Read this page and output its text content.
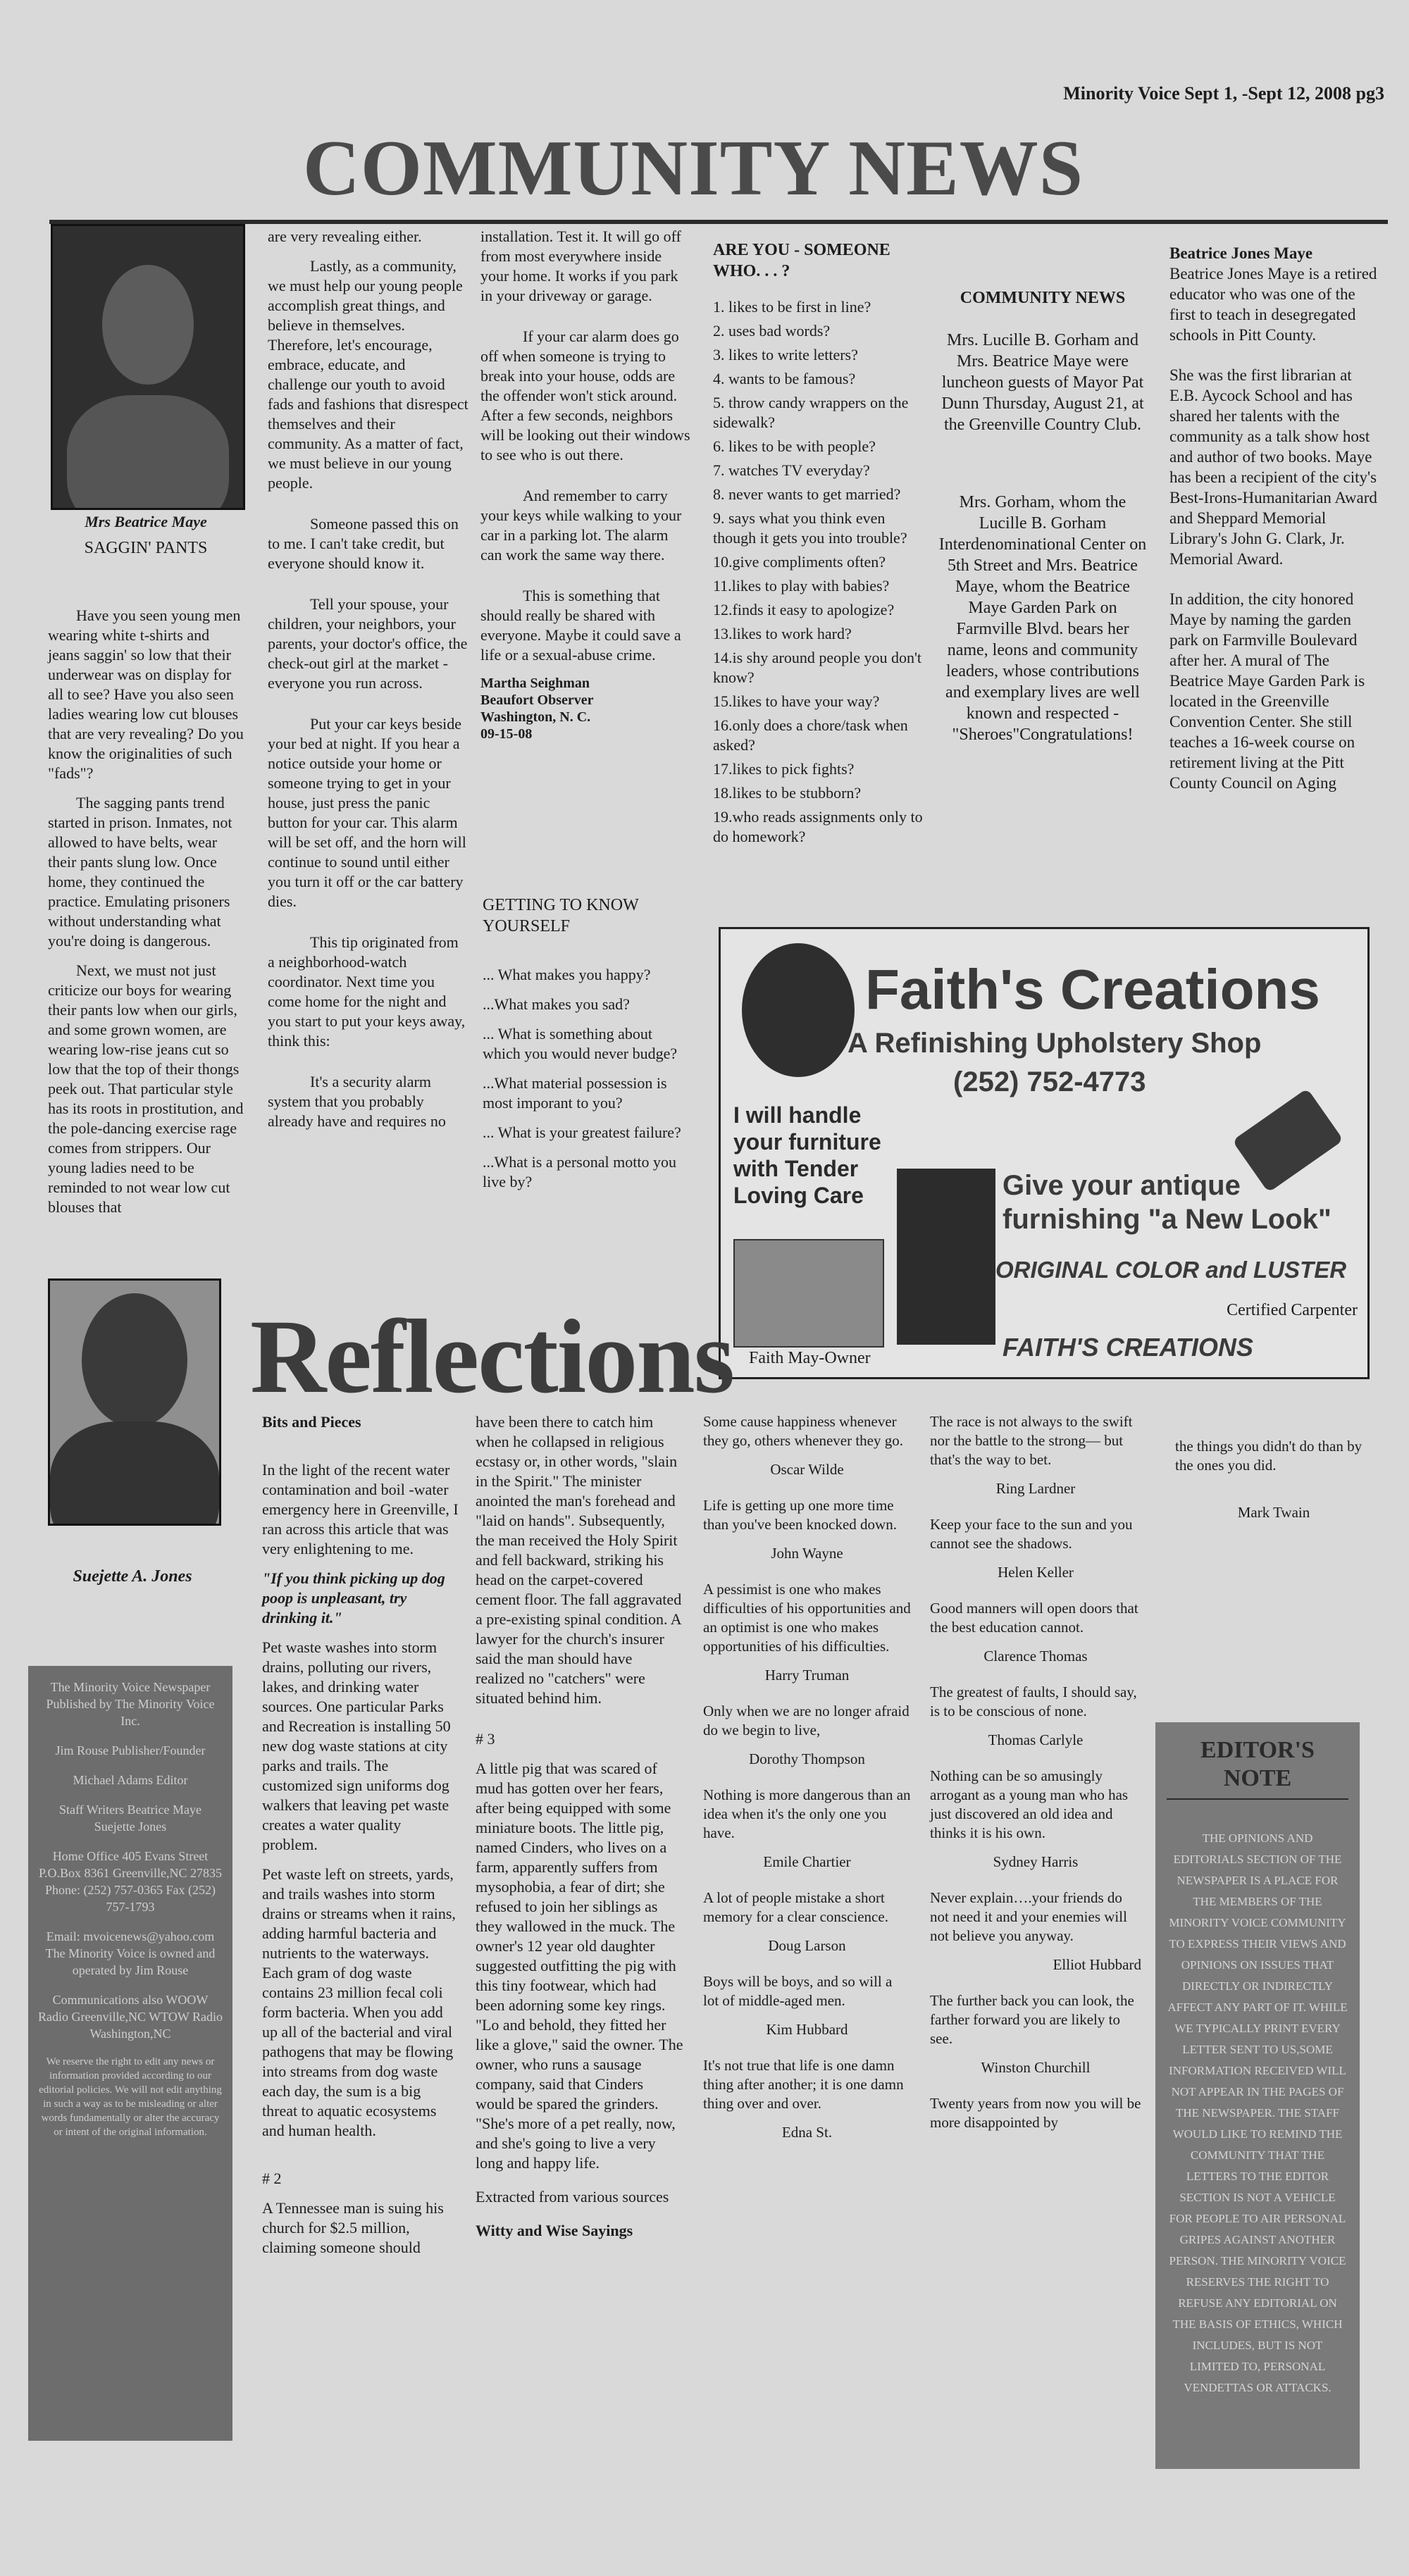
Minority Voice Sept 1, -Sept 12, 2008 pg3
COMMUNITY NEWS
Mrs Beatrice Maye
SAGGIN' PANTS

Have you seen young men wearing white t-shirts and jeans saggin' so low that their underwear was on display for all to see? Have you also seen ladies wearing low cut blouses that are very revealing? Do you know the originalities of such "fads"?

The sagging pants trend started in prison. Inmates, not allowed to have belts, wear their pants slung low. Once home, they continued the practice. Emulating prisoners without understanding what you're doing is dangerous.

Next, we must not just criticize our boys for wearing their pants low when our girls, and some grown women, are wearing low-rise jeans cut so low that the top of their thongs peek out. That particular style has its roots in prostitution, and the pole-dancing exercise rage comes from strippers. Our young ladies need to be reminded to not wear low cut blouses that

are very revealing either.

Lastly, as a community, we must help our young people accomplish great things, and believe in themselves. Therefore, let's encourage, embrace, educate, and challenge our youth to avoid fads and fashions that disrespect themselves and their community. As a matter of fact, we must believe in our young people.

Someone passed this on to me. I can't take credit, but everyone should know it.

Tell your spouse, your children, your neighbors, your parents, your doctor's office, the check-out girl at the market - everyone you run across.

Put your car keys beside your bed at night. If you hear a notice outside your home or someone trying to get in your house, just press the panic button for your car. This alarm will be set off, and the horn will continue to sound until either you turn it off or the car battery dies.

This tip originated from a neighborhood-watch coordinator. Next time you come home for the night and you start to put your keys away, think this:

It's a security alarm system that you probably already have and requires no

installation. Test it. It will go off from most everywhere inside your home. It works if you park in your driveway or garage.

If your car alarm does go off when someone is trying to break into your house, odds are the offender won't stick around. After a few seconds, neighbors will be looking out their windows to see who is out there.

And remember to carry your keys while walking to your car in a parking lot. The alarm can work the same way there.

This is something that should really be shared with everyone. Maybe it could save a life or a sexual-abuse crime.

Martha Seighman
Beaufort Observer
Washington, N. C.
09-15-08
ARE YOU - SOMEONE WHO. . . ?
1. likes to be first in line?
2. uses bad words?
3. likes to write letters?
4. wants to be famous?
5. throw candy wrappers on the sidewalk?
6. likes to be with people?
7. watches TV everyday?
8. never wants to get married?
9. says what you think even though it gets you into trouble?
10.give compliments often?
11.likes to play with babies?
12.finds it easy to apologize?
13.likes to work hard?
14.is shy around people you don't know?
15.likes to have your way?
16.only does a chore/task when asked?
17.likes to pick fights?
18.likes to be stubborn?
19.who reads assignments only to do homework?
GETTING TO KNOW YOURSELF

... What makes you happy?

...What makes you sad?

... What is something about which you would never budge?

...What material possession is most imporant to you?

... What is your greatest failure?

...What is a personal motto you live by?

COMMUNITY NEWS

Mrs. Lucille B. Gorham and Mrs. Beatrice Maye were luncheon guests of Mayor Pat Dunn Thursday, August 21, at the Greenville Country Club.

Mrs. Gorham, whom the Lucille B. Gorham Interdenominational Center on 5th Street and Mrs. Beatrice Maye, whom the Beatrice Maye Garden Park on Farmville Blvd. bears her name, leons and community leaders, whose contributions and exemplary lives are well known and respected - "Sheroes"Congratulations!

Beatrice Jones Maye

Beatrice Jones Maye is a retired educator who was one of the first to teach in desegregated schools in Pitt County.

She was the first librarian at E.B. Aycock School and has shared her talents with the community as a talk show host and author of two books. Maye has been a recipient of the city's Best-Irons-Humanitarian Award and Sheppard Memorial Library's John G. Clark, Jr. Memorial Award.

In addition, the city honored Maye by naming the garden park on Farmville Boulevard after her. A mural of The Beatrice Maye Garden Park is located in the Greenville Convention Center. She still teaches a 16-week course on retirement living at the Pitt County Council on Aging

Faith's Creations
A Refinishing Upholstery Shop
(252) 752-4773
I will handle your furniture with Tender Loving Care	Give your antique furnishing "a New Look"
ORIGINAL COLOR and LUSTER
Certified Carpenter
FAITH'S CREATIONS
Faith May-Owner
Suejette A. Jones
Reflections

The Minority Voice Newspaper Published by The Minority Voice Inc.

Jim Rouse Publisher/Founder

Michael Adams Editor

Staff Writers Beatrice Maye Suejette Jones

Home Office 405 Evans Street P.O.Box 8361 Greenville,NC 27835 Phone: (252) 757-0365 Fax (252) 757-1793

Email: mvoicenews@yahoo.com The Minority Voice is owned and operated by Jim Rouse

Communications also WOOW Radio Greenville,NC WTOW Radio Washington,NC

We reserve the right to edit any news or information provided according to our editorial policies. We will not edit anything in such a way as to be misleading or alter words fundamentally or alter the accuracy or intent of the original information.

Bits and Pieces

In the light of the recent water contamination and boil -water emergency here in Greenville, I ran across this article that was very enlightening to me.

"If you think picking up dog poop is unpleasant, try drinking it."

Pet waste washes into storm drains, polluting our rivers, lakes, and drinking water sources. One particular Parks and Recreation is installing 50 new dog waste stations at city parks and trails. The customized sign uniforms dog walkers that leaving pet waste creates a water quality problem.

Pet waste left on streets, yards, and trails washes into storm drains or streams when it rains, adding harmful bacteria and nutrients to the waterways. Each gram of dog waste contains 23 million fecal coli form bacteria. When you add up all of the bacterial and viral pathogens that may be flowing into streams from dog waste each day, the sum is a big threat to aquatic ecosystems and human health.

# 2

A Tennessee man is suing his church for $2.5 million, claiming someone should

have been there to catch him when he collapsed in religious ecstasy or, in other words, "slain in the Spirit." The minister anointed the man's forehead and "laid on hands". Subsequently, the man received the Holy Spirit and fell backward, striking his head on the carpet-covered cement floor. The fall aggravated a pre-existing spinal condition. A lawyer for the church's insurer said the man should have realized no "catchers" were situated behind him.

# 3

A little pig that was scared of mud has gotten over her fears, after being equipped with some miniature boots. The little pig, named Cinders, who lives on a farm, apparently suffers from mysophobia, a fear of dirt; she refused to join her siblings as they wallowed in the muck. The owner's 12 year old daughter suggested outfitting the pig with this tiny footwear, which had been adorning some key rings. "Lo and behold, they fitted her like a glove," said the owner. The owner, who runs a sausage company, said that Cinders would be spared the grinders. "She's more of a pet really, now, and she's going to live a very long and happy life.

Extracted from various sources

Witty and Wise Sayings

Some cause happiness whenever they go, others whenever they go.

Oscar Wilde

Life is getting up one more time than you've been knocked down.

John Wayne

A pessimist is one who makes difficulties of his opportunities and an optimist is one who makes opportunities of his difficulties.

Harry Truman

Only when we are no longer afraid do we begin to live,

Dorothy Thompson

Nothing is more dangerous than an idea when it's the only one you have.

Emile Chartier

A lot of people mistake a short memory for a clear conscience.

Doug Larson

Boys will be boys, and so will a lot of middle-aged men.

Kim Hubbard

It's not true that life is one damn thing after another; it is one damn thing over and over.

Edna St.

The race is not always to the swift nor the battle to the strong— but that's the way to bet.

Ring Lardner

Keep your face to the sun and you cannot see the shadows.

Helen Keller

Good manners will open doors that the best education cannot.

Clarence Thomas

The greatest of faults, I should say, is to be conscious of none.

Thomas Carlyle

Nothing can be so amusingly arrogant as a young man who has just discovered an old idea and thinks it is his own.

Sydney Harris

Never explain….your friends do not need it and your enemies will not believe you anyway.

Elliot Hubbard

The further back you can look, the farther forward you are likely to see.

Winston Churchill

Twenty years from now you will be more disappointed by

the things you didn't do than by the ones you did.

Mark Twain

EDITOR'S NOTE
THE OPINIONS AND EDITORIALS SECTION OF THE NEWSPAPER IS A PLACE FOR THE MEMBERS OF THE MINORITY VOICE COMMUNITY TO EXPRESS THEIR VIEWS AND OPINIONS ON ISSUES THAT DIRECTLY OR INDIRECTLY AFFECT ANY PART OF IT. WHILE WE TYPICALLY PRINT EVERY LETTER SENT TO US,SOME INFORMATION RECEIVED WILL NOT APPEAR IN THE PAGES OF THE NEWSPAPER. THE STAFF WOULD LIKE TO REMIND THE COMMUNITY THAT THE LETTERS TO THE EDITOR SECTION IS NOT A VEHICLE FOR PEOPLE TO AIR PERSONAL GRIPES AGAINST ANOTHER PERSON. THE MINORITY VOICE RESERVES THE RIGHT TO REFUSE ANY EDITORIAL ON THE BASIS OF ETHICS, WHICH INCLUDES, BUT IS NOT LIMITED TO, PERSONAL VENDETTAS OR ATTACKS.
